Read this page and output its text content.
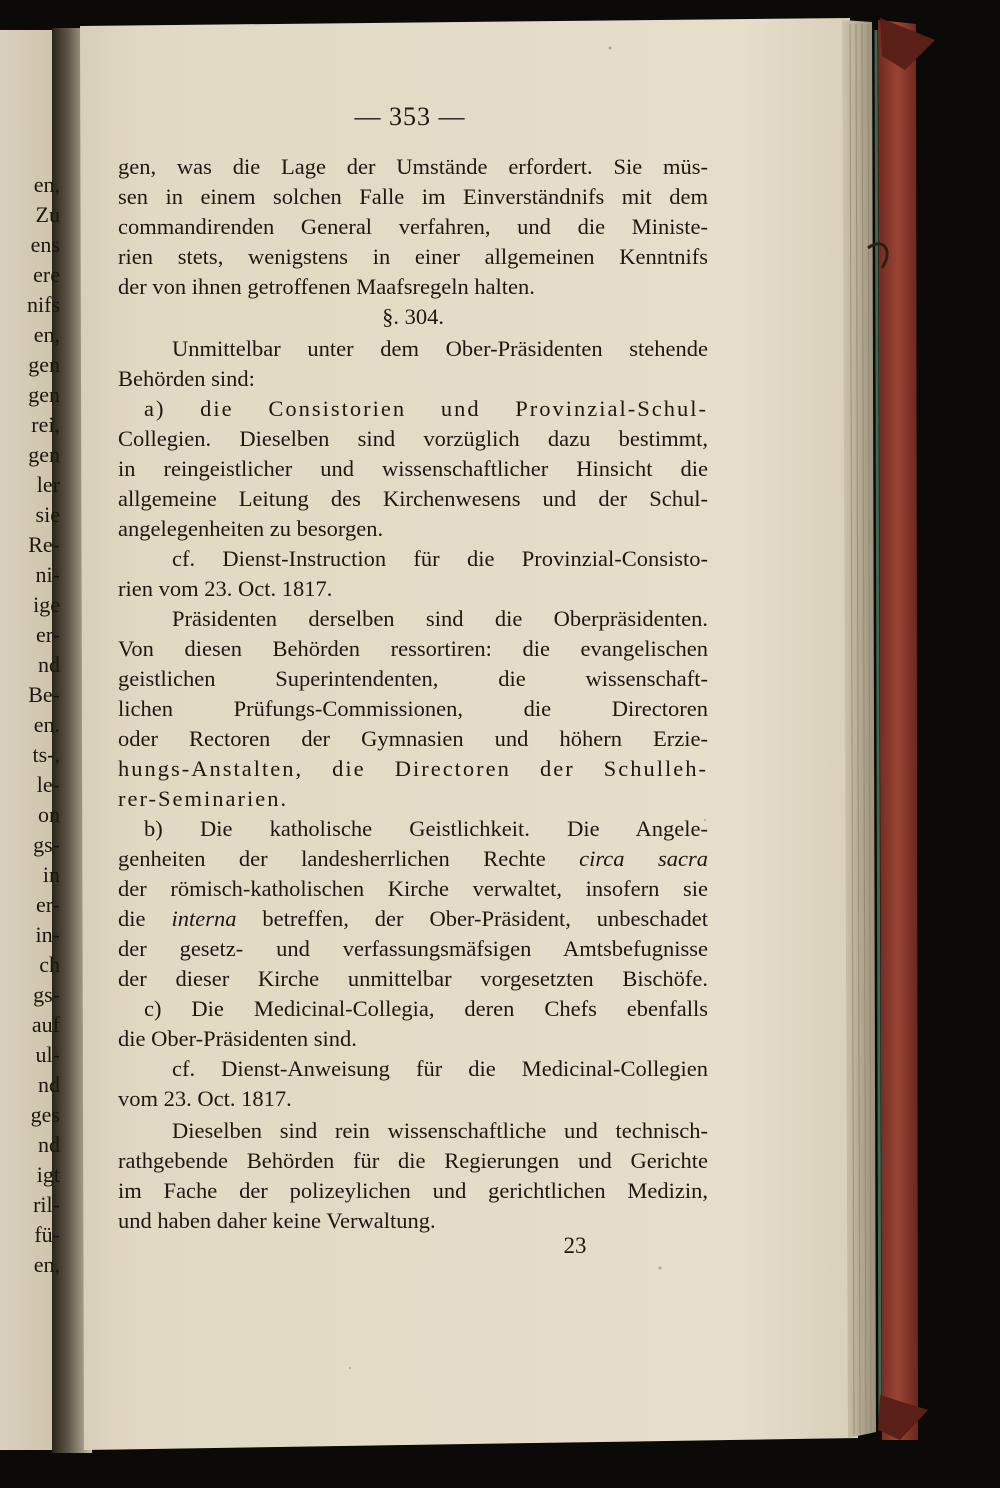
en,
Zu
ens
ere
nifs
en,
gen
gen
rei,
gen
ler
sie
Re-
ni-
ige
er-
nd
Be-
en.
ts-,
le-
on
gs-
in
er-
in-
ch
gs-
auf
ul-
nd
ges
nd
igt
ril-
fü-
en,
— 353 —
gen, was die Lage der Umstände erfordert. Sie müs-
sen in einem solchen Falle im Einverständnifs mit dem
commandirenden General verfahren, und die Ministe-
rien stets, wenigstens in einer allgemeinen Kenntnifs
der von ihnen getroffenen Maafsregeln halten.
§. 304.
Unmittelbar unter dem Ober-Präsidenten stehende
Behörden sind:
a) die Consistorien und Provinzial-Schul-
Collegien. Dieselben sind vorzüglich dazu bestimmt,
in reingeistlicher und wissenschaftlicher Hinsicht die
allgemeine Leitung des Kirchenwesens und der Schul-
angelegenheiten zu besorgen.
cf. Dienst-Instruction für die Provinzial-Consisto-
rien vom 23. Oct. 1817.
Präsidenten derselben sind die Oberpräsidenten.
Von diesen Behörden ressortiren: die evangelischen
geistlichen Superintendenten, die wissenschaft-
lichen Prüfungs-Commissionen, die Directoren
oder Rectoren der Gymnasien und höhern Erzie-
hungs-Anstalten, die Directoren der Schulleh-
rer-Seminarien.
b) Die katholische Geistlichkeit. Die Angele-
genheiten der landesherrlichen Rechte circa sacra
der römisch-katholischen Kirche verwaltet, insofern sie
die interna betreffen, der Ober-Präsident, unbeschadet
der gesetz- und verfassungsmäfsigen Amtsbefugnisse
der dieser Kirche unmittelbar vorgesetzten Bischöfe.
c) Die Medicinal-Collegia, deren Chefs ebenfalls
die Ober-Präsidenten sind.
cf. Dienst-Anweisung für die Medicinal-Collegien
vom 23. Oct. 1817.
Dieselben sind rein wissenschaftliche und technisch-
rathgebende Behörden für die Regierungen und Gerichte
im Fache der polizeylichen und gerichtlichen Medizin,
und haben daher keine Verwaltung.
23
